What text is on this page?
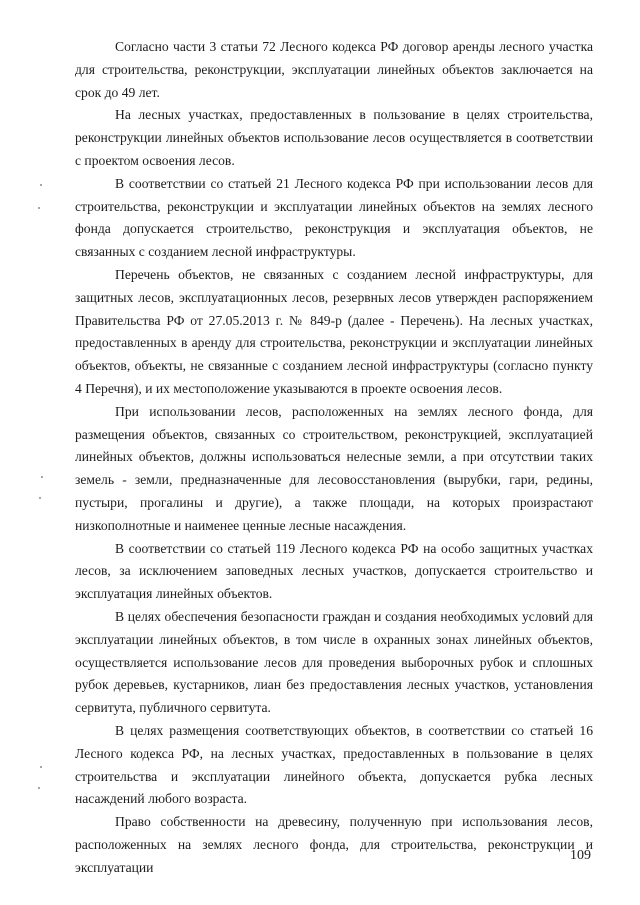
Согласно части 3 статьи 72 Лесного кодекса РФ договор аренды лесного участка для строительства, реконструкции, эксплуатации линейных объектов заключается на срок до 49 лет.

На лесных участках, предоставленных в пользование в целях строительства, реконструкции линейных объектов использование лесов осуществляется в соответствии с проектом освоения лесов.

В соответствии со статьей 21 Лесного кодекса РФ при использовании лесов для строительства, реконструкции и эксплуатации линейных объектов на землях лесного фонда допускается строительство, реконструкция и эксплуатация объектов, не связанных с созданием лесной инфраструктуры.

Перечень объектов, не связанных с созданием лесной инфраструктуры, для защитных лесов, эксплуатационных лесов, резервных лесов утвержден распоряжением Правительства РФ от 27.05.2013 г. № 849-р (далее - Перечень). На лесных участках, предоставленных в аренду для строительства, реконструкции и эксплуатации линейных объектов, объекты, не связанные с созданием лесной инфраструктуры (согласно пункту 4 Перечня), и их местоположение указываются в проекте освоения лесов.

При использовании лесов, расположенных на землях лесного фонда, для размещения объектов, связанных со строительством, реконструкцией, эксплуатацией линейных объектов, должны использоваться нелесные земли, а при отсутствии таких земель - земли, предназначенные для лесовосстановления (вырубки, гари, редины, пустыри, прогалины и другие), а также площади, на которых произрастают низкополнотные и наименее ценные лесные насаждения.

В соответствии со статьей 119 Лесного кодекса РФ на особо защитных участках лесов, за исключением заповедных лесных участков, допускается строительство и эксплуатация линейных объектов.

В целях обеспечения безопасности граждан и создания необходимых условий для эксплуатации линейных объектов, в том числе в охранных зонах линейных объектов, осуществляется использование лесов для проведения выборочных рубок и сплошных рубок деревьев, кустарников, лиан без предоставления лесных участков, установления сервитута, публичного сервитута.

В целях размещения соответствующих объектов, в соответствии со статьей 16 Лесного кодекса РФ, на лесных участках, предоставленных в пользование в целях строительства и эксплуатации линейного объекта, допускается рубка лесных насаждений любого возраста.

Право собственности на древесину, полученную при использования лесов, расположенных на землях лесного фонда, для строительства, реконструкции и эксплуатации

109
